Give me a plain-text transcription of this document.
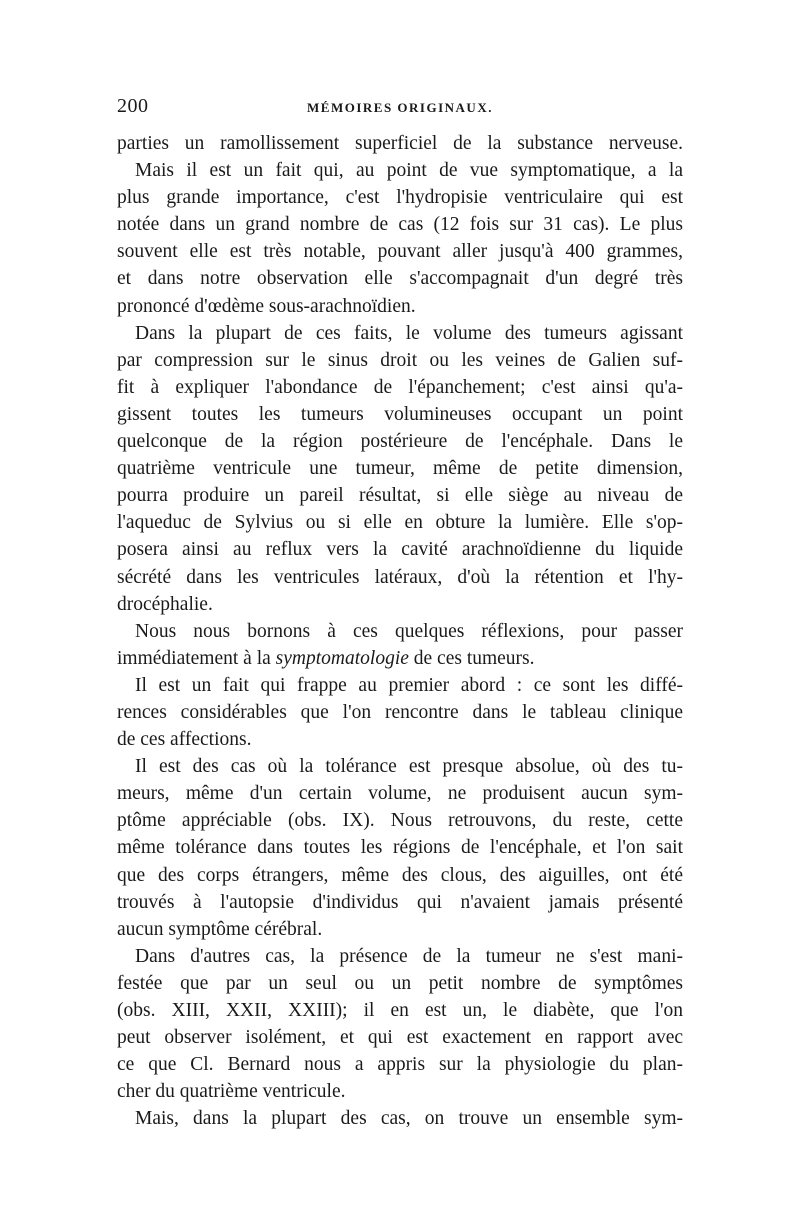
200	MÉMOIRES ORIGINAUX.
parties un ramollissement superficiel de la substance nerveuse.
Mais il est un fait qui, au point de vue symptomatique, a la
plus grande importance, c'est l'hydropisie ventriculaire qui est
notée dans un grand nombre de cas (12 fois sur 31 cas). Le plus
souvent elle est très notable, pouvant aller jusqu'à 400 grammes,
et dans notre observation elle s'accompagnait d'un degré très
prononcé d'œdème sous-arachnoïdien.
Dans la plupart de ces faits, le volume des tumeurs agissant
par compression sur le sinus droit ou les veines de Galien suf-
fit à expliquer l'abondance de l'épanchement; c'est ainsi qu'a-
gissent toutes les tumeurs volumineuses occupant un point
quelconque de la région postérieure de l'encéphale. Dans le
quatrième ventricule une tumeur, même de petite dimension,
pourra produire un pareil résultat, si elle siège au niveau de
l'aqueduc de Sylvius ou si elle en obture la lumière. Elle s'op-
posera ainsi au reflux vers la cavité arachnoïdienne du liquide
sécrété dans les ventricules latéraux, d'où la rétention et l'hy-
drocéphalie.
Nous nous bornons à ces quelques réflexions, pour passer
immédiatement à la symptomatologie de ces tumeurs.
Il est un fait qui frappe au premier abord : ce sont les diffé-
rences considérables que l'on rencontre dans le tableau clinique
de ces affections.
Il est des cas où la tolérance est presque absolue, où des tu-
meurs, même d'un certain volume, ne produisent aucun sym-
ptôme appréciable (obs. IX). Nous retrouvons, du reste, cette
même tolérance dans toutes les régions de l'encéphale, et l'on sait
que des corps étrangers, même des clous, des aiguilles, ont été
trouvés à l'autopsie d'individus qui n'avaient jamais présenté
aucun symptôme cérébral.
Dans d'autres cas, la présence de la tumeur ne s'est mani-
festée que par un seul ou un petit nombre de symptômes
(obs. XIII, XXII, XXIII); il en est un, le diabète, que l'on
peut observer isolément, et qui est exactement en rapport avec
ce que Cl. Bernard nous a appris sur la physiologie du plan-
cher du quatrième ventricule.
Mais, dans la plupart des cas, on trouve un ensemble sym-
